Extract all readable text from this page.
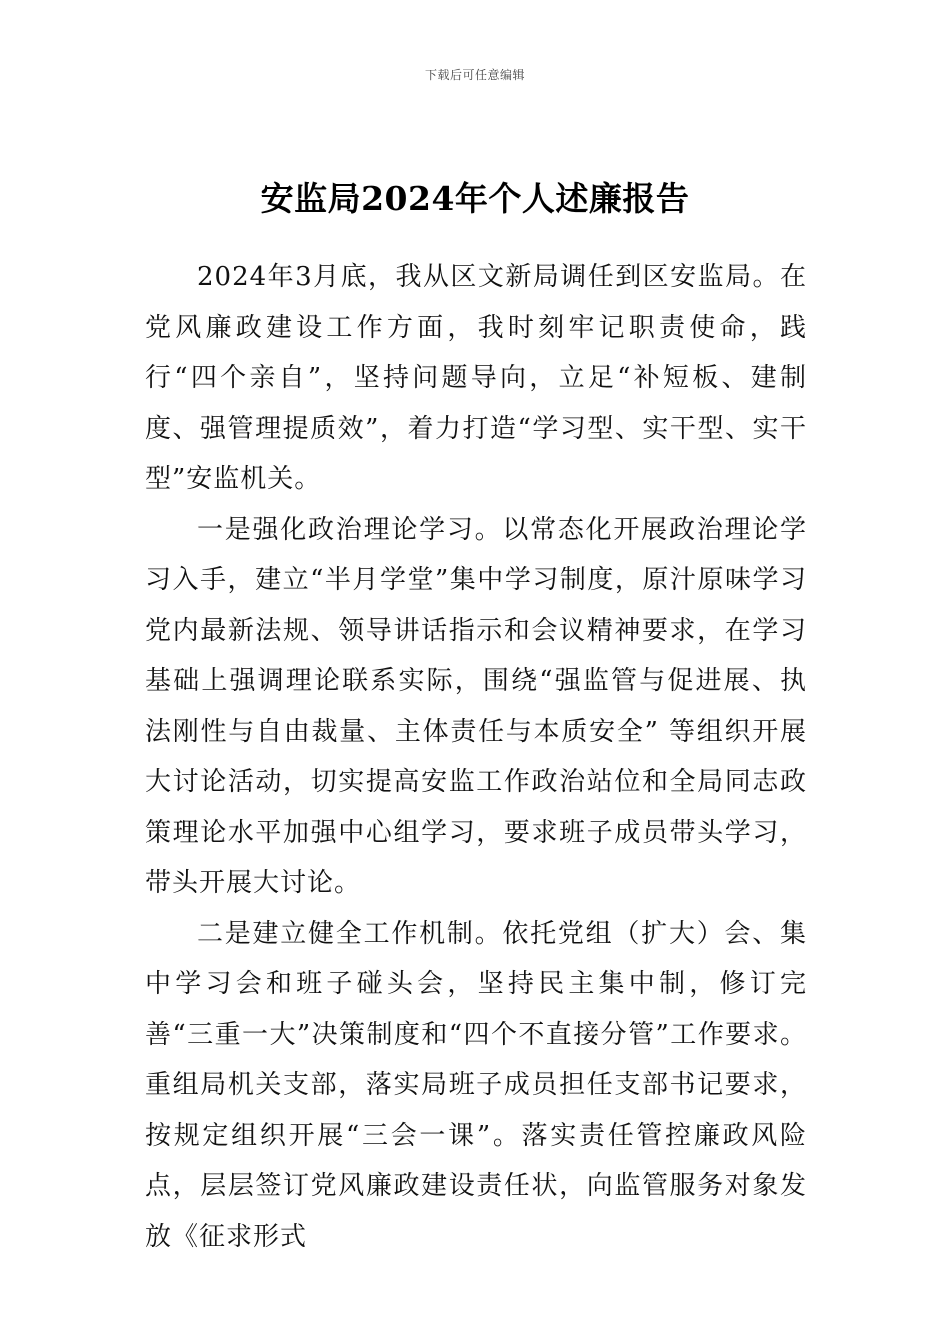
下载后可任意编辑
安监局2024年个人述廉报告

2024年3月底，我从区文新局调任到区安监局。在党风廉政建设工作方面，我时刻牢记职责使命，践行“四个亲自”，坚持问题导向，立足“补短板、建制度、强管理提质效”，着力打造“学习型、实干型、实干型”安监机关。

一是强化政治理论学习。以常态化开展政治理论学习入手，建立“半月学堂”集中学习制度，原汁原味学习党内最新法规、领导讲话指示和会议精神要求，在学习基础上强调理论联系实际，围绕“强监管与促进展、执法刚性与自由裁量、主体责任与本质安全” 等组织开展大讨论活动，切实提高安监工作政治站位和全局同志政策理论水平加强中心组学习，要求班子成员带头学习，带头开展大讨论。

二是建立健全工作机制。依托党组（扩大）会、集中学习会和班子碰头会，坚持民主集中制，修订完善“三重一大”决策制度和“四个不直接分管”工作要求。重组局机关支部，落实局班子成员担任支部书记要求，按规定组织开展“三会一课”。落实责任管控廉政风险点，层层签订党风廉政建设责任状，向监管服务对象发放《征求形式
